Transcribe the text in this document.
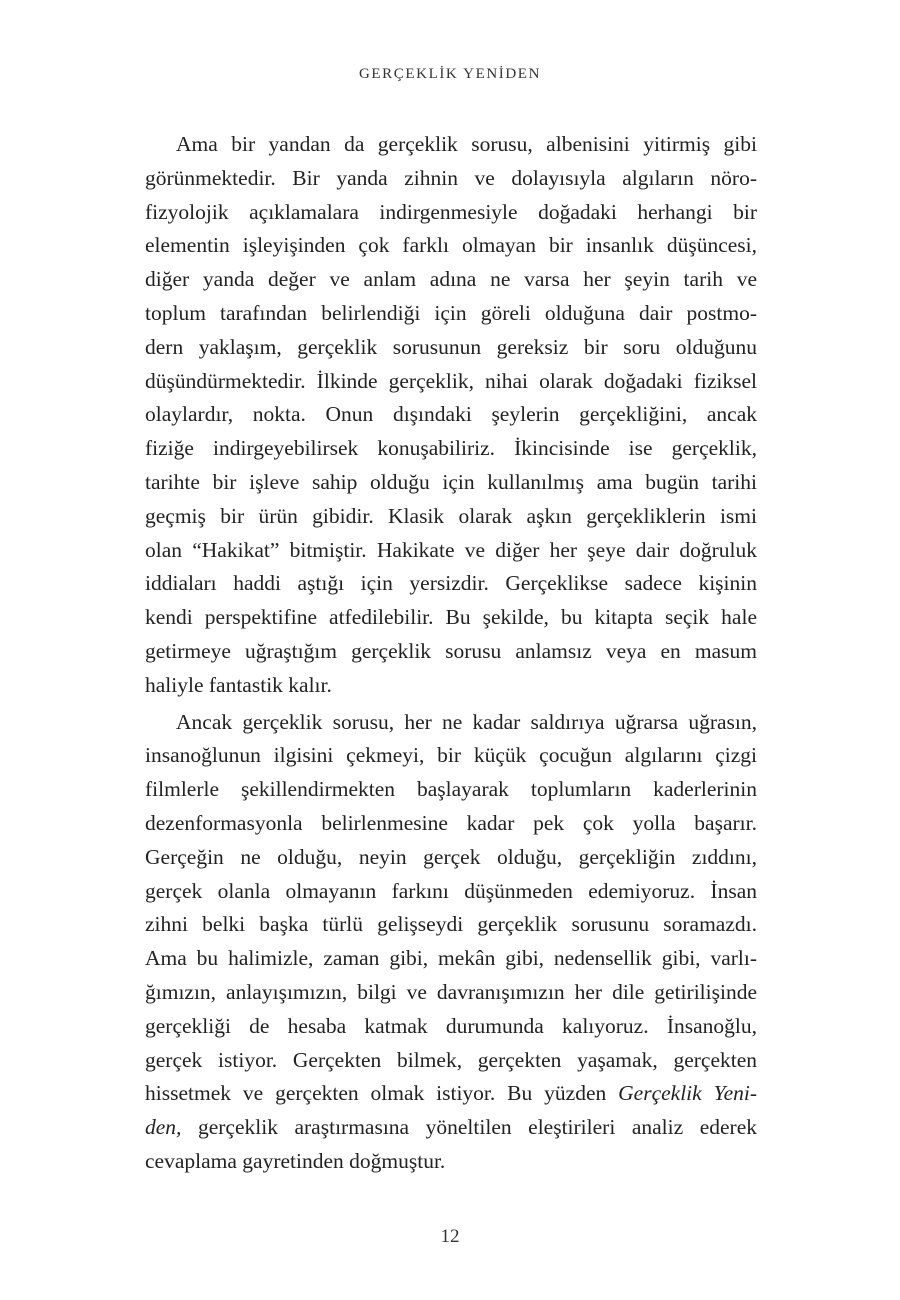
GERÇEKLİK YENİDEN
Ama bir yandan da gerçeklik sorusu, albenisini yitirmiş gibi
görünmektedir. Bir yanda zihnin ve dolayısıyla algıların nöro-
fizyolojik açıklamalara indirgenmesiyle doğadaki herhangi bir
elementin işleyişinden çok farklı olmayan bir insanlık düşüncesi,
diğer yanda değer ve anlam adına ne varsa her şeyin tarih ve
toplum tarafından belirlendiği için göreli olduğuna dair postmo-
dern yaklaşım, gerçeklik sorusunun gereksiz bir soru olduğunu
düşündürmektedir. İlkinde gerçeklik, nihai olarak doğadaki fiziksel
olaylardır, nokta. Onun dışındaki şeylerin gerçekliğini, ancak
fiziğe indirgeyebilirsek konuşabiliriz. İkincisinde ise gerçeklik,
tarihte bir işleve sahip olduğu için kullanılmış ama bugün tarihi
geçmiş bir ürün gibidir. Klasik olarak aşkın gerçekliklerin ismi
olan “Hakikat” bitmiştir. Hakikate ve diğer her şeye dair doğruluk
iddiaları haddi aştığı için yersizdir. Gerçeklikse sadece kişinin
kendi perspektifine atfedilebilir. Bu şekilde, bu kitapta seçik hale
getirmeye uğraştığım gerçeklik sorusu anlamsız veya en masum
haliyle fantastik kalır.
Ancak gerçeklik sorusu, her ne kadar saldırıya uğrarsa uğrasın,
insanoğlunun ilgisini çekmeyi, bir küçük çocuğun algılarını çizgi
filmlerle şekillendirmekten başlayarak toplumların kaderlerinin
dezenformasyonla belirlenmesine kadar pek çok yolla başarır.
Gerçeğin ne olduğu, neyin gerçek olduğu, gerçekliğin zıddını,
gerçek olanla olmayanın farkını düşünmeden edemiyoruz. İnsan
zihni belki başka türlü gelişseydi gerçeklik sorusunu soramazdı.
Ama bu halimizle, zaman gibi, mekân gibi, nedensellik gibi, varlı-
ğımızın, anlayışımızın, bilgi ve davranışımızın her dile getirilişinde
gerçekliği de hesaba katmak durumunda kalıyoruz. İnsanoğlu,
gerçek istiyor. Gerçekten bilmek, gerçekten yaşamak, gerçekten
hissetmek ve gerçekten olmak istiyor. Bu yüzden Gerçeklik Yeni-
den, gerçeklik araştırmasına yöneltilen eleştirileri analiz ederek
cevaplama gayretinden doğmuştur.
12
